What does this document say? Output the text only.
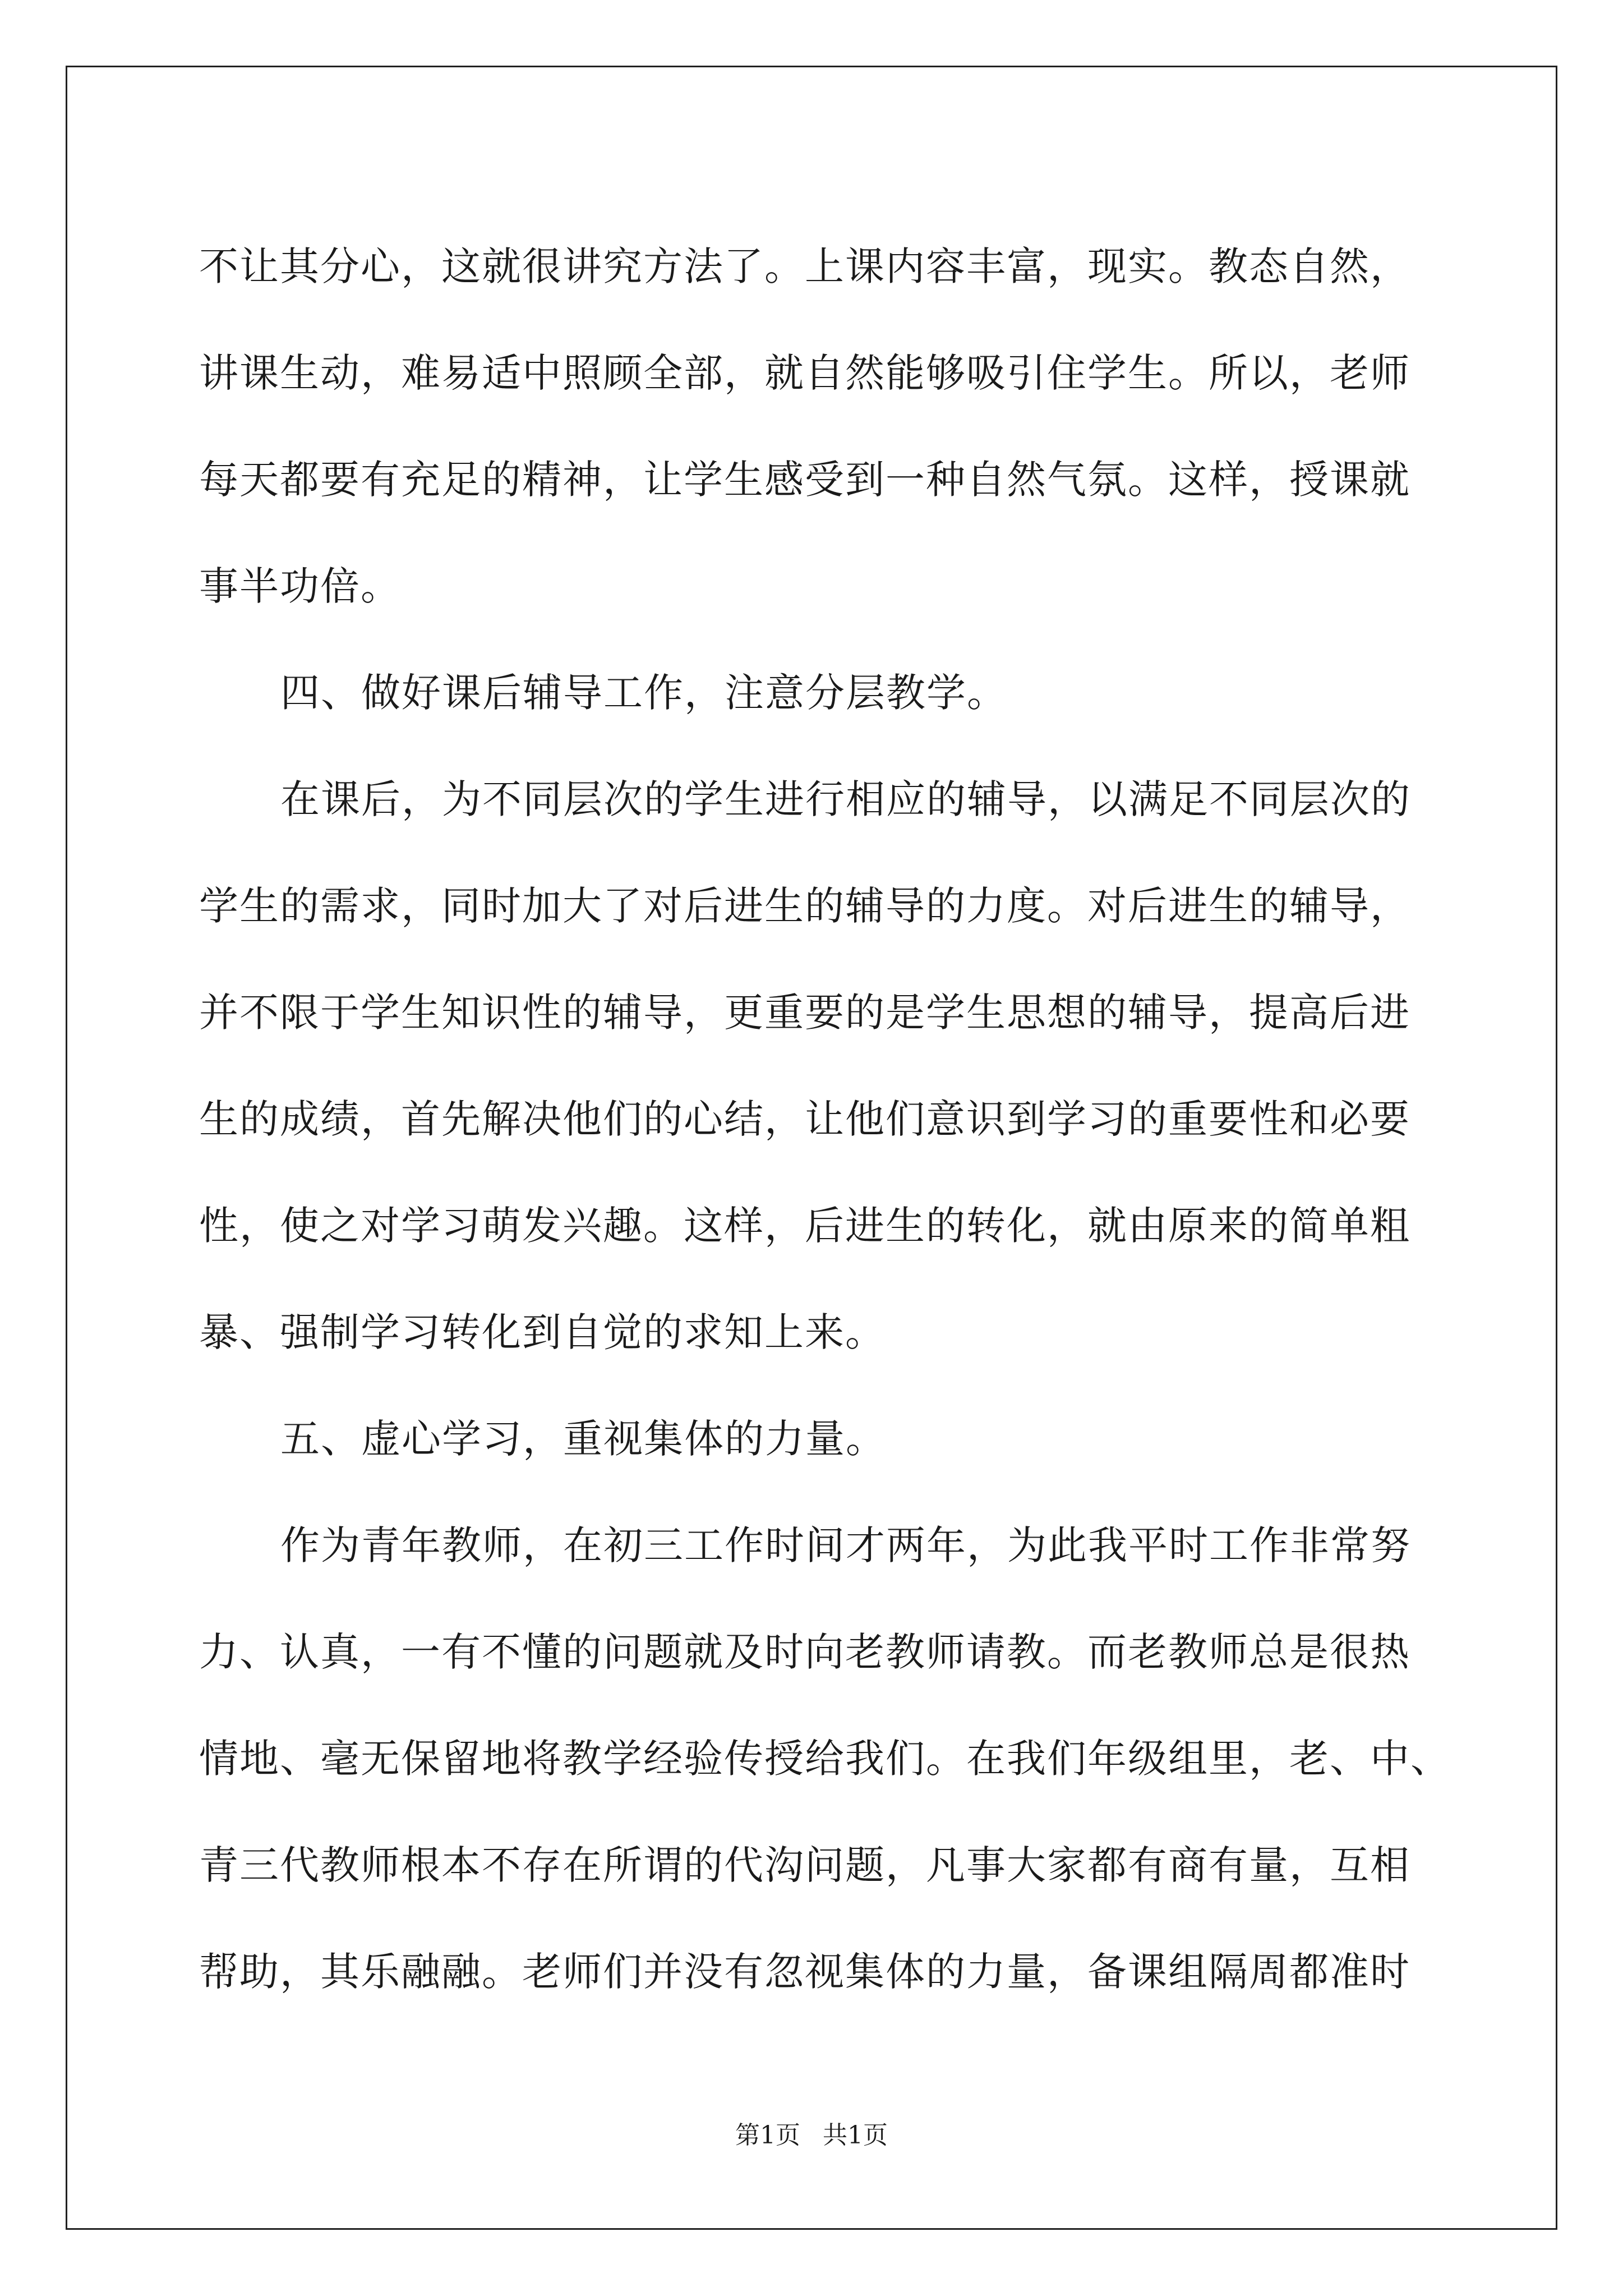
不让其分心，这就很讲究方法了。上课内容丰富，现实。教态自然，
讲课生动，难易适中照顾全部，就自然能够吸引住学生。所以，老师
每天都要有充足的精神，让学生感受到一种自然气氛。这样，授课就
事半功倍。
四、做好课后辅导工作，注意分层教学。
在课后，为不同层次的学生进行相应的辅导，以满足不同层次的
学生的需求，同时加大了对后进生的辅导的力度。对后进生的辅导，
并不限于学生知识性的辅导，更重要的是学生思想的辅导，提高后进
生的成绩，首先解决他们的心结，让他们意识到学习的重要性和必要
性，使之对学习萌发兴趣。这样，后进生的转化，就由原来的简单粗
暴、强制学习转化到自觉的求知上来。
五、虚心学习，重视集体的力量。
作为青年教师，在初三工作时间才两年，为此我平时工作非常努
力、认真，一有不懂的问题就及时向老教师请教。而老教师总是很热
情地、毫无保留地将教学经验传授给我们。在我们年级组里，老、中、
青三代教师根本不存在所谓的代沟问题，凡事大家都有商有量，互相
帮助，其乐融融。老师们并没有忽视集体的力量，备课组隔周都准时
第1页 共1页
